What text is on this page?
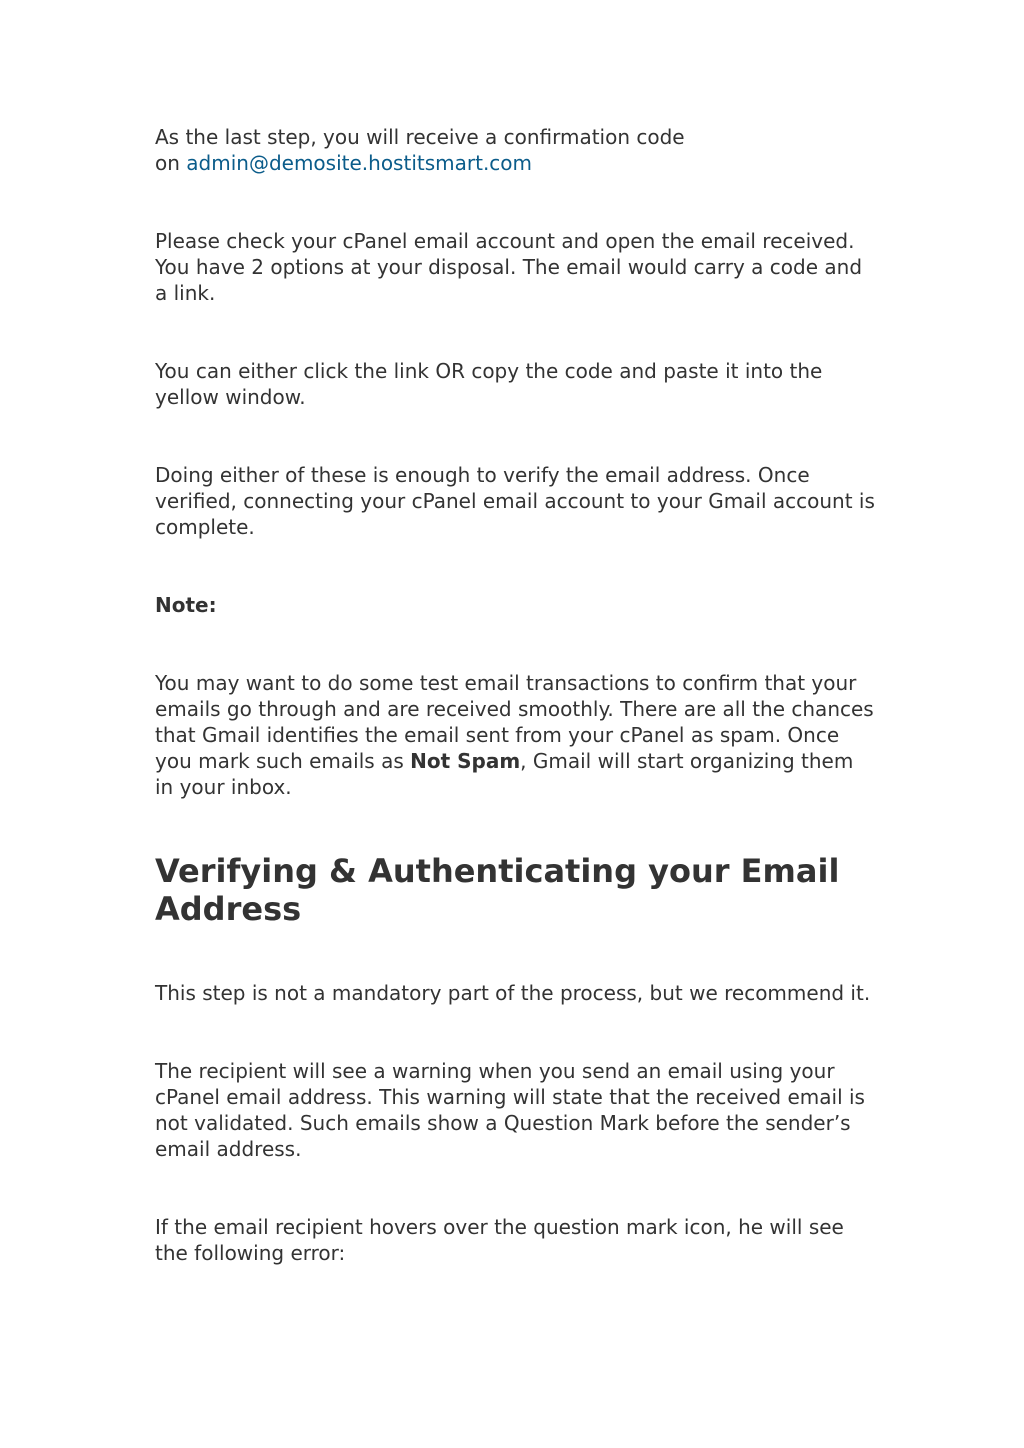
As the last step, you will receive a confirmation code
on admin@demosite.hostitsmart.com

Please check your cPanel email account and open the email received. You have 2 options at your disposal. The email would carry a code and a link.

You can either click the link OR copy the code and paste it into the yellow window.

Doing either of these is enough to verify the email address. Once verified, connecting your cPanel email account to your Gmail account is complete.

Note:

You may want to do some test email transactions to confirm that your emails go through and are received smoothly. There are all the chances that Gmail identifies the email sent from your cPanel as spam. Once you mark such emails as Not Spam, Gmail will start organizing them in your inbox.

Verifying & Authenticating your Email Address

This step is not a mandatory part of the process, but we recommend it.

The recipient will see a warning when you send an email using your cPanel email address. This warning will state that the received email is not validated. Such emails show a Question Mark before the sender’s email address.

If the email recipient hovers over the question mark icon, he will see the following error:
